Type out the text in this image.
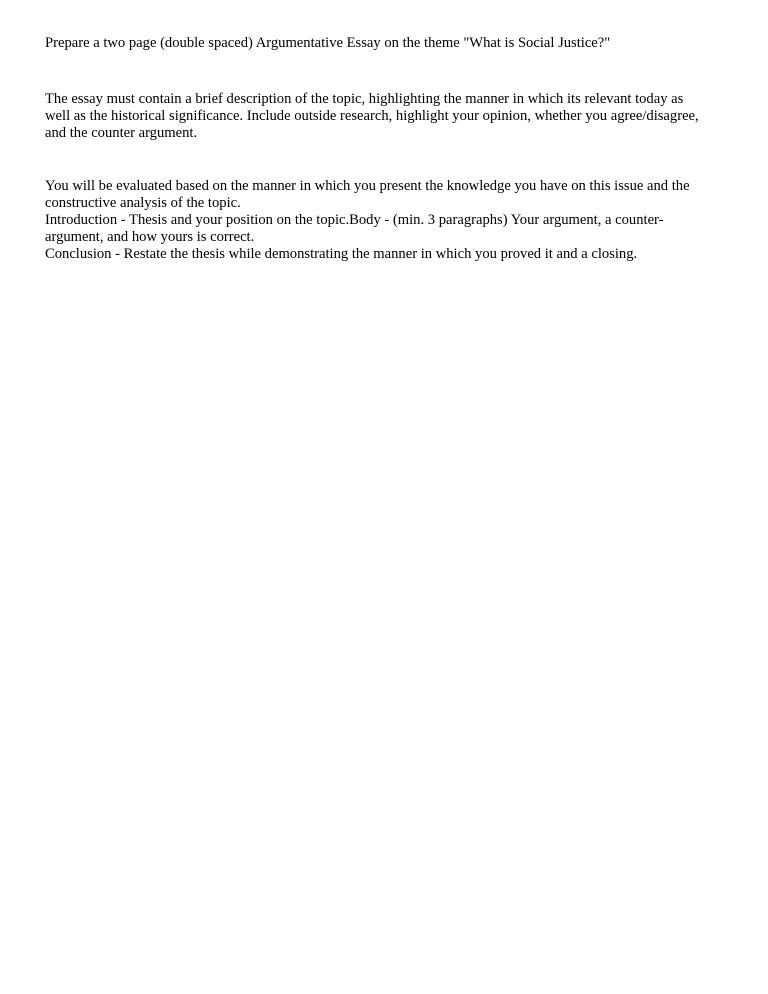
Prepare a two page (double spaced) Argumentative Essay on the theme "What is Social Justice?"
The essay must contain a brief description of the topic, highlighting the manner in which its relevant today as
well as the historical significance. Include outside research, highlight your opinion, whether you agree/disagree,
and the counter argument.
You will be evaluated based on the manner in which you present the knowledge you have on this issue and the
constructive analysis of the topic.
Introduction - Thesis and your position on the topic.Body - (min. 3 paragraphs) Your argument, a counter-
argument, and how yours is correct.
Conclusion - Restate the thesis while demonstrating the manner in which you proved it and a closing.
